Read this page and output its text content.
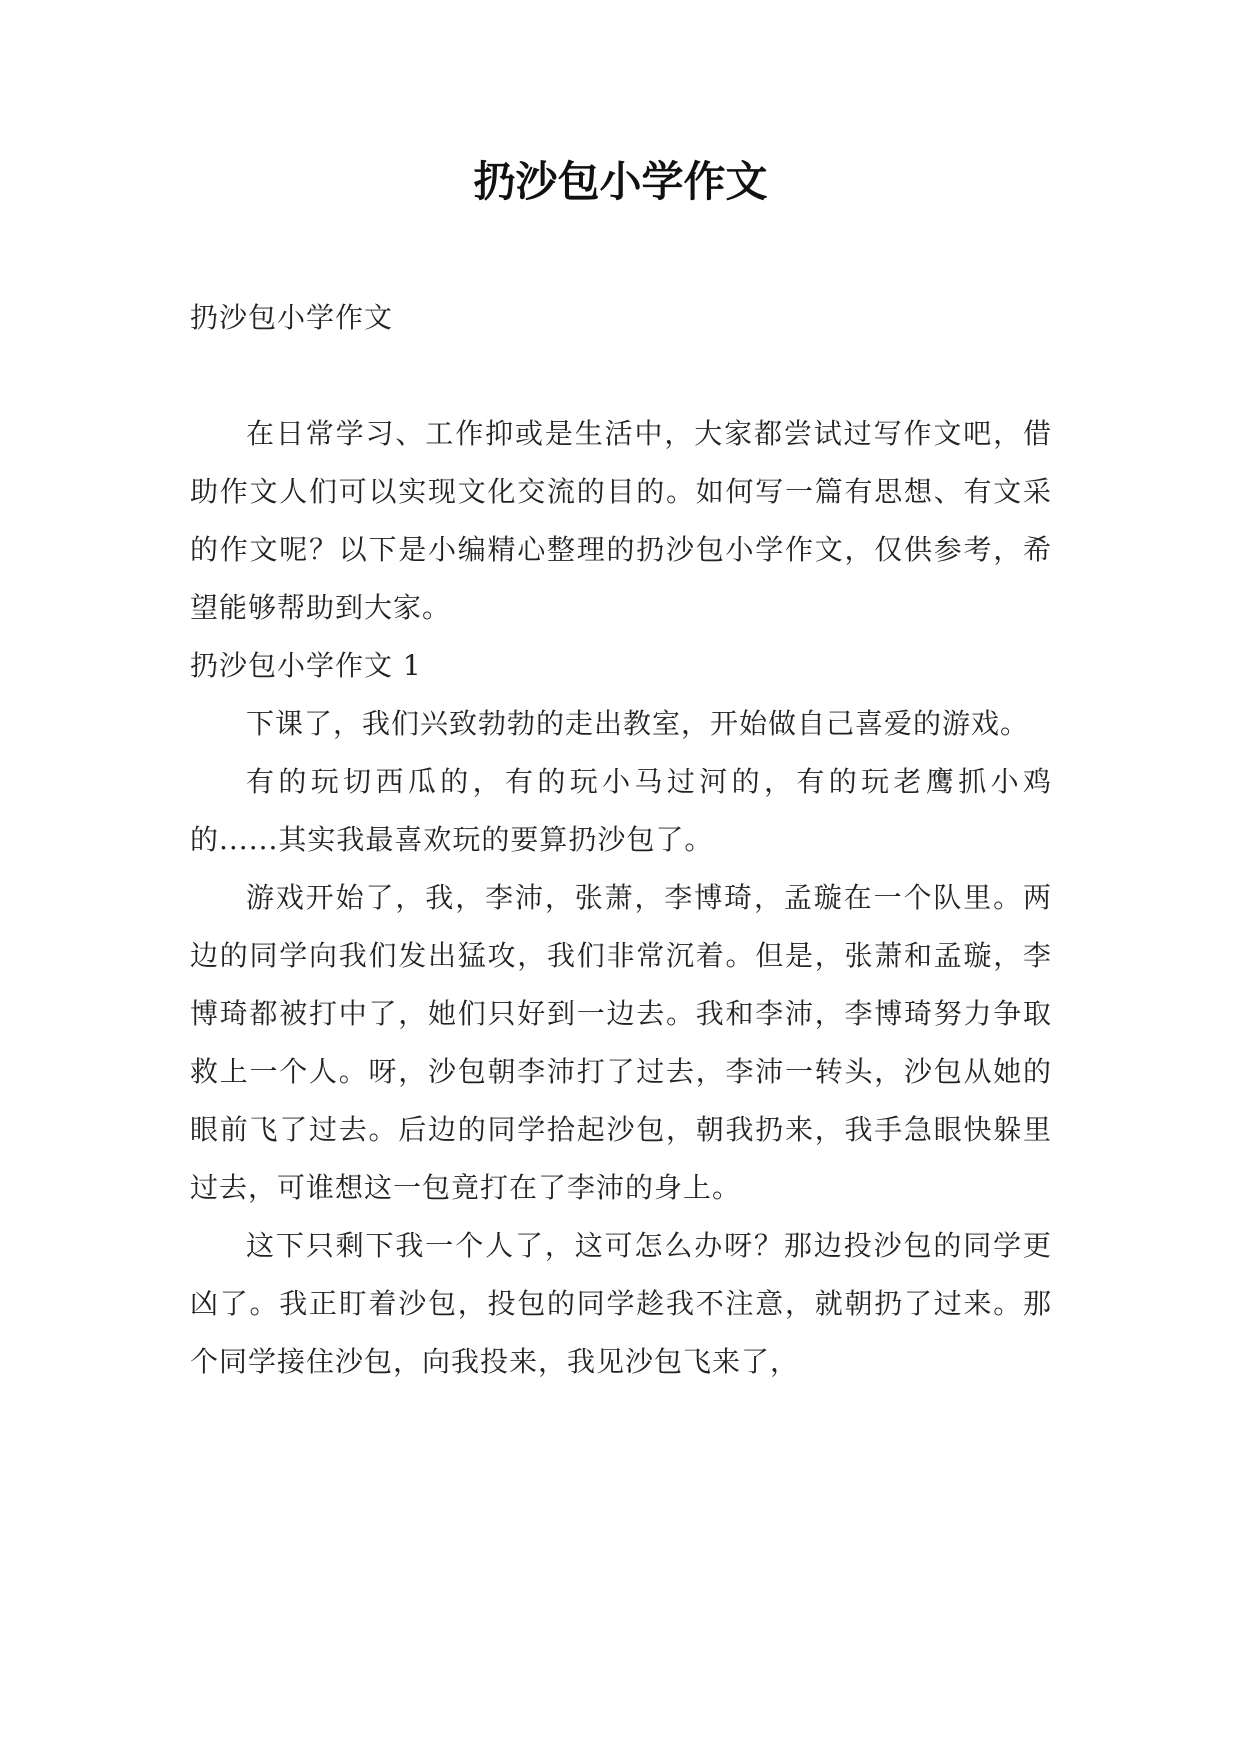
扔沙包小学作文

扔沙包小学作文

在日常学习、工作抑或是生活中，大家都尝试过写作文吧，借助作文人们可以实现文化交流的目的。如何写一篇有思想、有文采的作文呢？以下是小编精心整理的扔沙包小学作文，仅供参考，希望能够帮助到大家。

扔沙包小学作文 1

下课了，我们兴致勃勃的走出教室，开始做自己喜爱的游戏。

有的玩切西瓜的，有的玩小马过河的，有的玩老鹰抓小鸡的......其实我最喜欢玩的要算扔沙包了。

游戏开始了，我，李沛，张萧，李博琦，孟璇在一个队里。两边的同学向我们发出猛攻，我们非常沉着。但是，张萧和孟璇，李博琦都被打中了，她们只好到一边去。我和李沛，李博琦努力争取救上一个人。呀，沙包朝李沛打了过去，李沛一转头，沙包从她的眼前飞了过去。后边的同学拾起沙包，朝我扔来，我手急眼快躲里过去，可谁想这一包竟打在了李沛的身上。

这下只剩下我一个人了，这可怎么办呀？那边投沙包的同学更凶了。我正盯着沙包，投包的同学趁我不注意，就朝扔了过来。那个同学接住沙包，向我投来，我见沙包飞来了，
